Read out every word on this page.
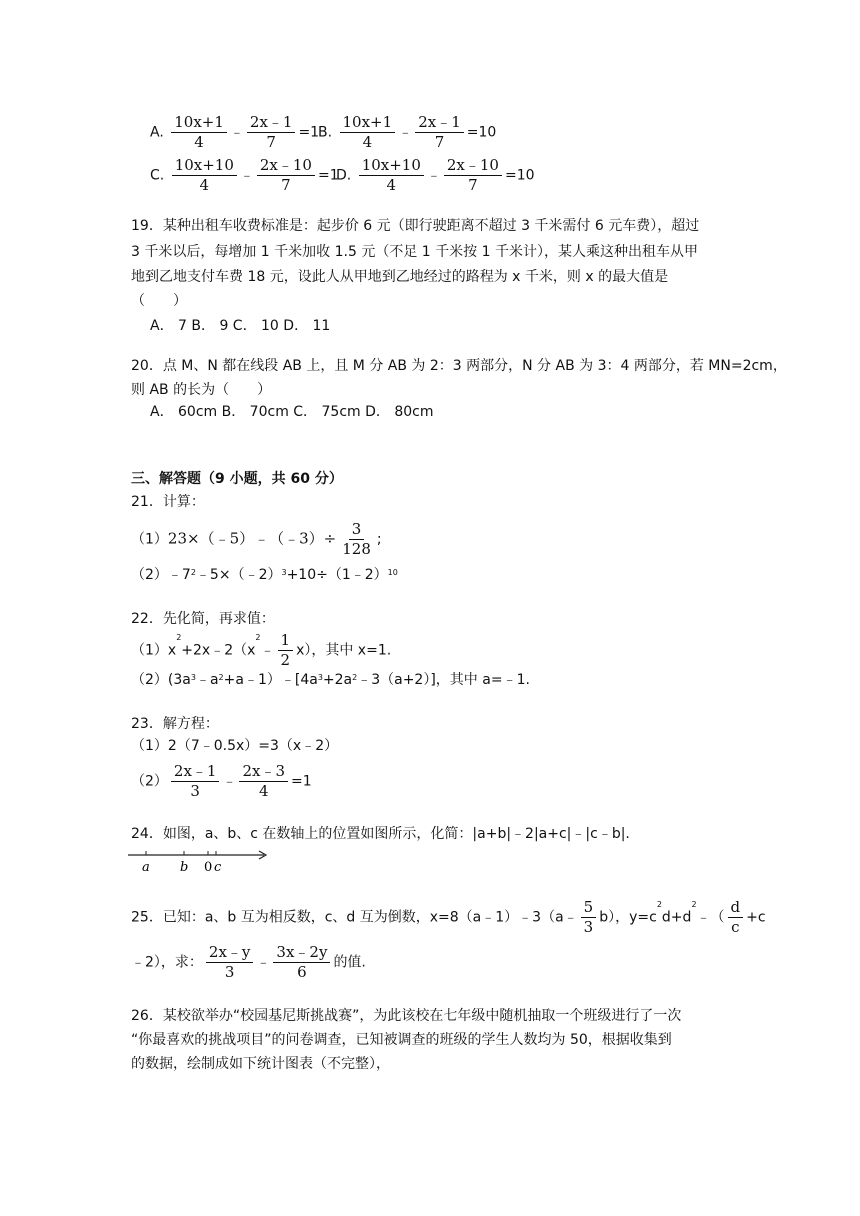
A. $\frac{10x+1}{4}$ ﹣ $\frac{2x﹣1}{7} =1$
B. $\frac{10x+1}{4}$ ﹣ $\frac{2x﹣1}{7} =10$
C. $\frac{10x+10}{4}$ ﹣ $\frac{2x﹣10}{7} =1$
D. $\frac{10x+10}{4}$ ﹣ $\frac{2x﹣10}{7} =10$
19．某种出租车收费标准是：起步价 6 元（即行驶距离不超过 3 千米需付 6 元车费），超过
3 千米以后，每增加 1 千米加收 1.5 元（不足 1 千米按 1 千米计），某人乘这种出租车从甲
地到乙地支付车费 18 元，设此人从甲地到乙地经过的路程为 x 千米，则 x 的最大值是
（　　）
A． 7 B． 9 C． 10 D． 11
20．点 M、N 都在线段 AB 上，且 M 分 AB 为 2：3 两部分，N 分 AB 为 3：4 两部分，若 MN=2cm，
则 AB 的长为（　　）
A． 60cm B． 70cm C． 75cm D． 80cm
三、解答题（9 小题，共 60 分）
21．计算：
（1）23×（﹣5）﹣（﹣3）÷ $\frac{3}{128}$ ;
$(2)﹣7^2﹣5\times(﹣2)^3+10\div(1﹣2)^{10}$
22．先化简，再求值：
$(1)x^2+2x﹣2(x^2﹣ \frac{1}{2} x)$，其中 x=1.
$(2)(3a^3﹣a^2+a﹣1)﹣[4a^3+2a^2﹣3(a+2)]$，其中 a=﹣1.
23．解方程：
（1）2（7﹣0.5x）=3（x﹣2）
$(2) \frac{2x﹣1}{3}$ ﹣ $\frac{2x﹣3}{4} =1$
24．如图，a、b、c 在数轴上的位置如图所示，化简：|a+b|﹣2|a+c|﹣|c﹣b|.
a b 0 c
25．已知：a、b 互为相反数，c、d 互为倒数，x=8（a﹣1）﹣3（a﹣ $\frac{5}{3} b$），$y=c^2d+d^2﹣( \frac{d}{c} +c$
﹣2），求： $\frac{2x﹣y}{3}$ ﹣ $\frac{3x﹣2y}{6}$ 的值.
26．某校欲举办“校园基尼斯挑战赛”，为此该校在七年级中随机抽取一个班级进行了一次
“你最喜欢的挑战项目”的问卷调查，已知被调查的班级的学生人数均为 50，根据收集到
的数据，绘制成如下统计图表（不完整），
